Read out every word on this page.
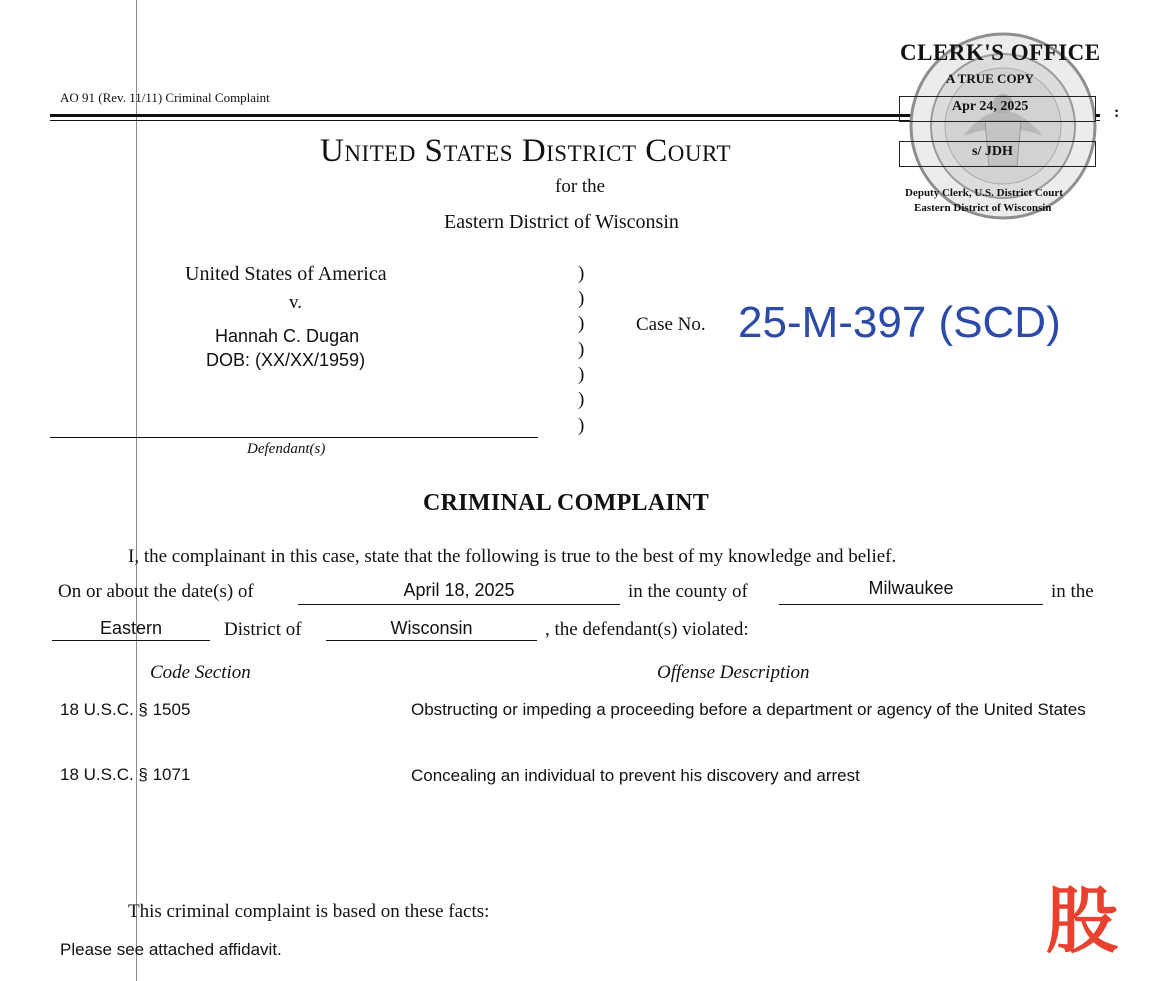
AO 91 (Rev. 11/11) Criminal Complaint
CLERK'S OFFICE
A TRUE COPY
Apr 24, 2025
s/ JDH
Deputy Clerk, U.S. District Court
Eastern District of Wisconsin
:
United States District Court
for the
Eastern District of Wisconsin
United States of America
v.
Hannah C. Dugan
DOB: (XX/XX/1959)
Defendant(s)
)
)
)
)
)
)
)
Case No. 25-M-397 (SCD)
CRIMINAL COMPLAINT
I, the complainant in this case, state that the following is true to the best of my knowledge and belief.
On or about the date(s) of	April 18, 2025	in the county of	Milwaukee	in the
Eastern	District of	Wisconsin	, the defendant(s) violated:
Code Section	Offense Description
18 U.S.C. § 1505	Obstructing or impeding a proceeding before a department or agency of the United States
18 U.S.C. § 1071	Concealing an individual to prevent his discovery and arrest
This criminal complaint is based on these facts:
Please see attached affidavit.	股
